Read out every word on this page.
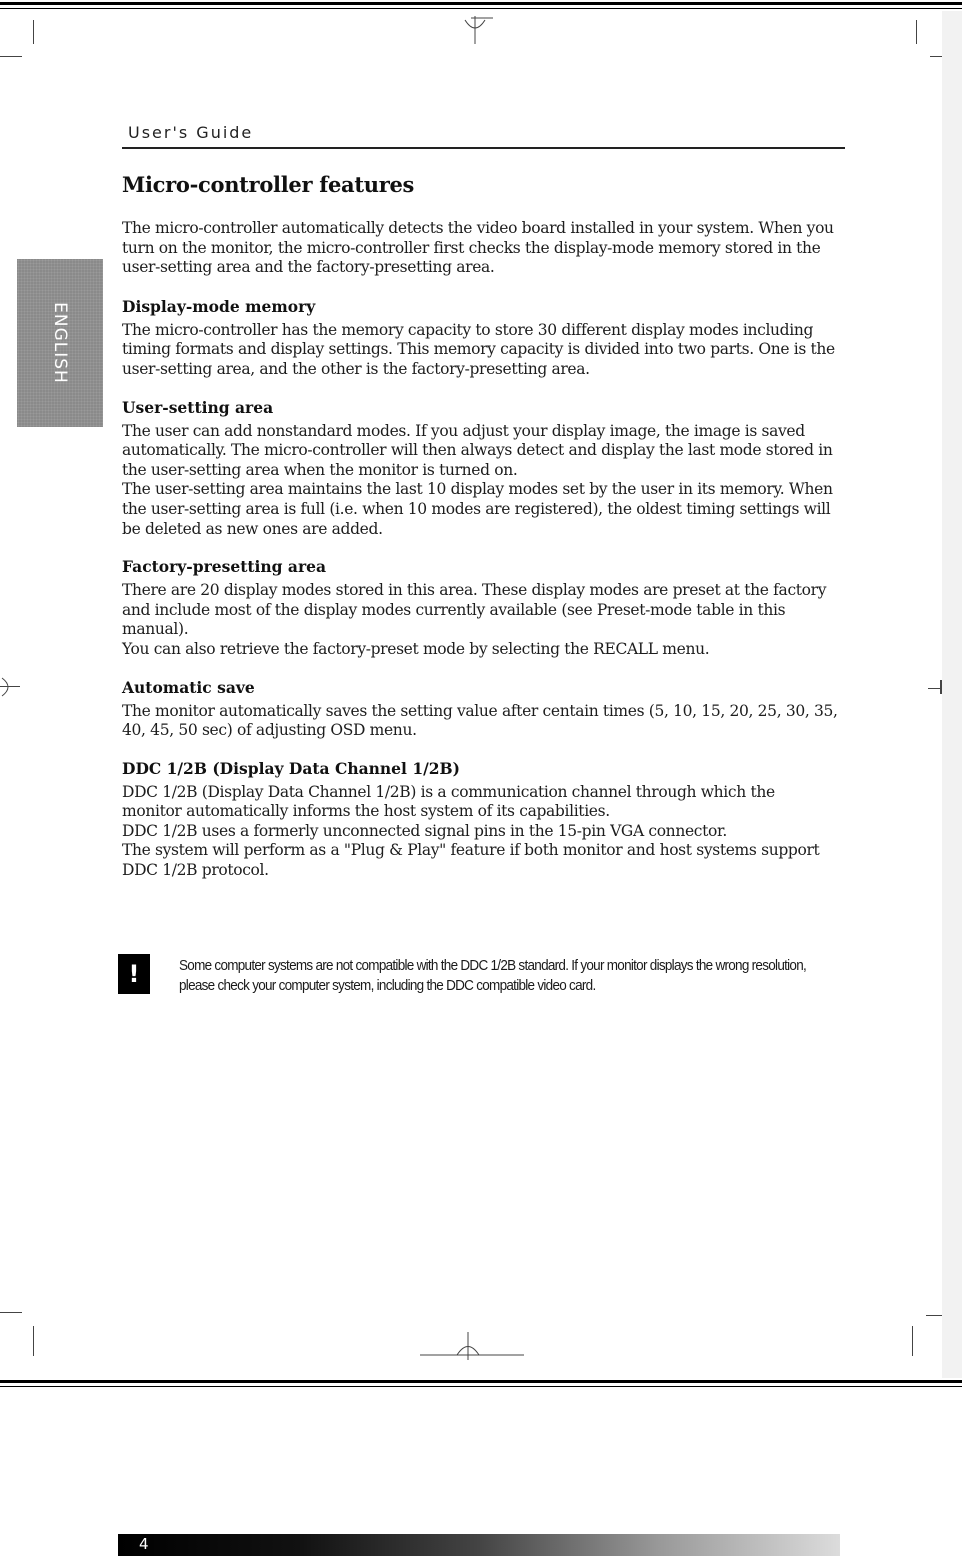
User's Guide
ENGLISH
Micro-controller features

The micro-controller automatically detects the video board installed in your system. When you turn on the monitor, the micro-controller first checks the display-mode memory stored in the user-setting area and the factory-presetting area.

Display-mode memory

The micro-controller has the memory capacity to store 30 different display modes including timing formats and display settings. This memory capacity is divided into two parts. One is the user-setting area, and the other is the factory-presetting area.

User-setting area

The user can add nonstandard modes. If you adjust your display image, the image is saved automatically. The micro-controller will then always detect and display the last mode stored in the user-setting area when the monitor is turned on.

The user-setting area maintains the last 10 display modes set by the user in its memory. When the user-setting area is full (i.e. when 10 modes are registered), the oldest timing settings will be deleted as new ones are added.

Factory-presetting area

There are 20 display modes stored in this area. These display modes are preset at the factory and include most of the display modes currently available (see Preset-mode table in this manual).

You can also retrieve the factory-preset mode by selecting the RECALL menu.

Automatic save

The monitor automatically saves the setting value after centain times (5, 10, 15, 20, 25, 30, 35, 40, 45, 50 sec) of adjusting OSD menu.

DDC 1/2B (Display Data Channel 1/2B)

DDC 1/2B (Display Data Channel 1/2B) is a communication channel through which the monitor automatically informs the host system of its capabilities.

DDC 1/2B uses a formerly unconnected signal pins in the 15-pin VGA connector.

The system will perform as a "Plug & Play" feature if both monitor and host systems support DDC 1/2B protocol.

!	Some computer systems are not compatible with the DDC 1/2B standard. If your monitor displays the wrong resolution, please check your computer system, including the DDC compatible video card.
4
